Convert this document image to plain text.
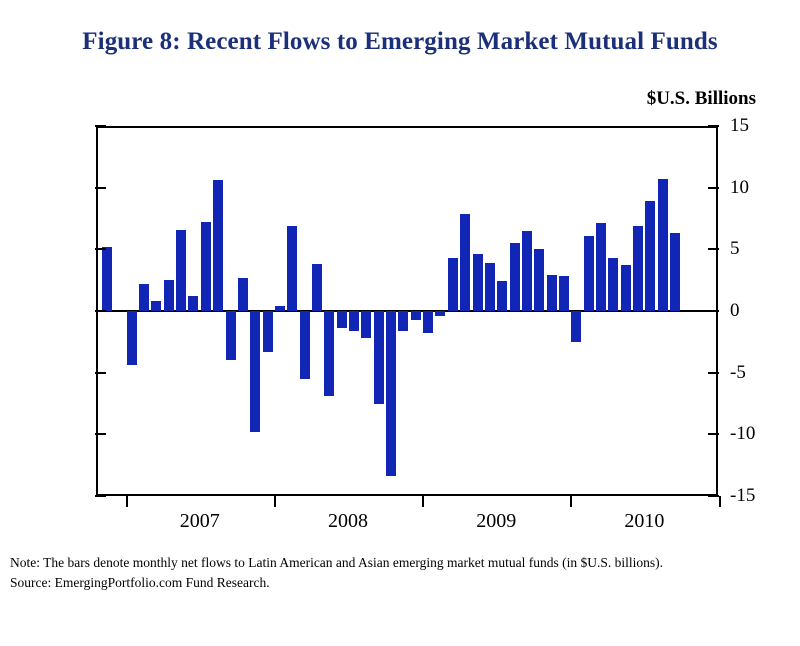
Figure 8: Recent Flows to Emerging Market Mutual Funds
$U.S. Billions
-15
-10
-5
0
5
10
15
2007	2008	2009	2010
Note: The bars denote monthly net flows to Latin American and Asian emerging market mutual funds (in $U.S. billions).
Source: EmergingPortfolio.com Fund Research.
